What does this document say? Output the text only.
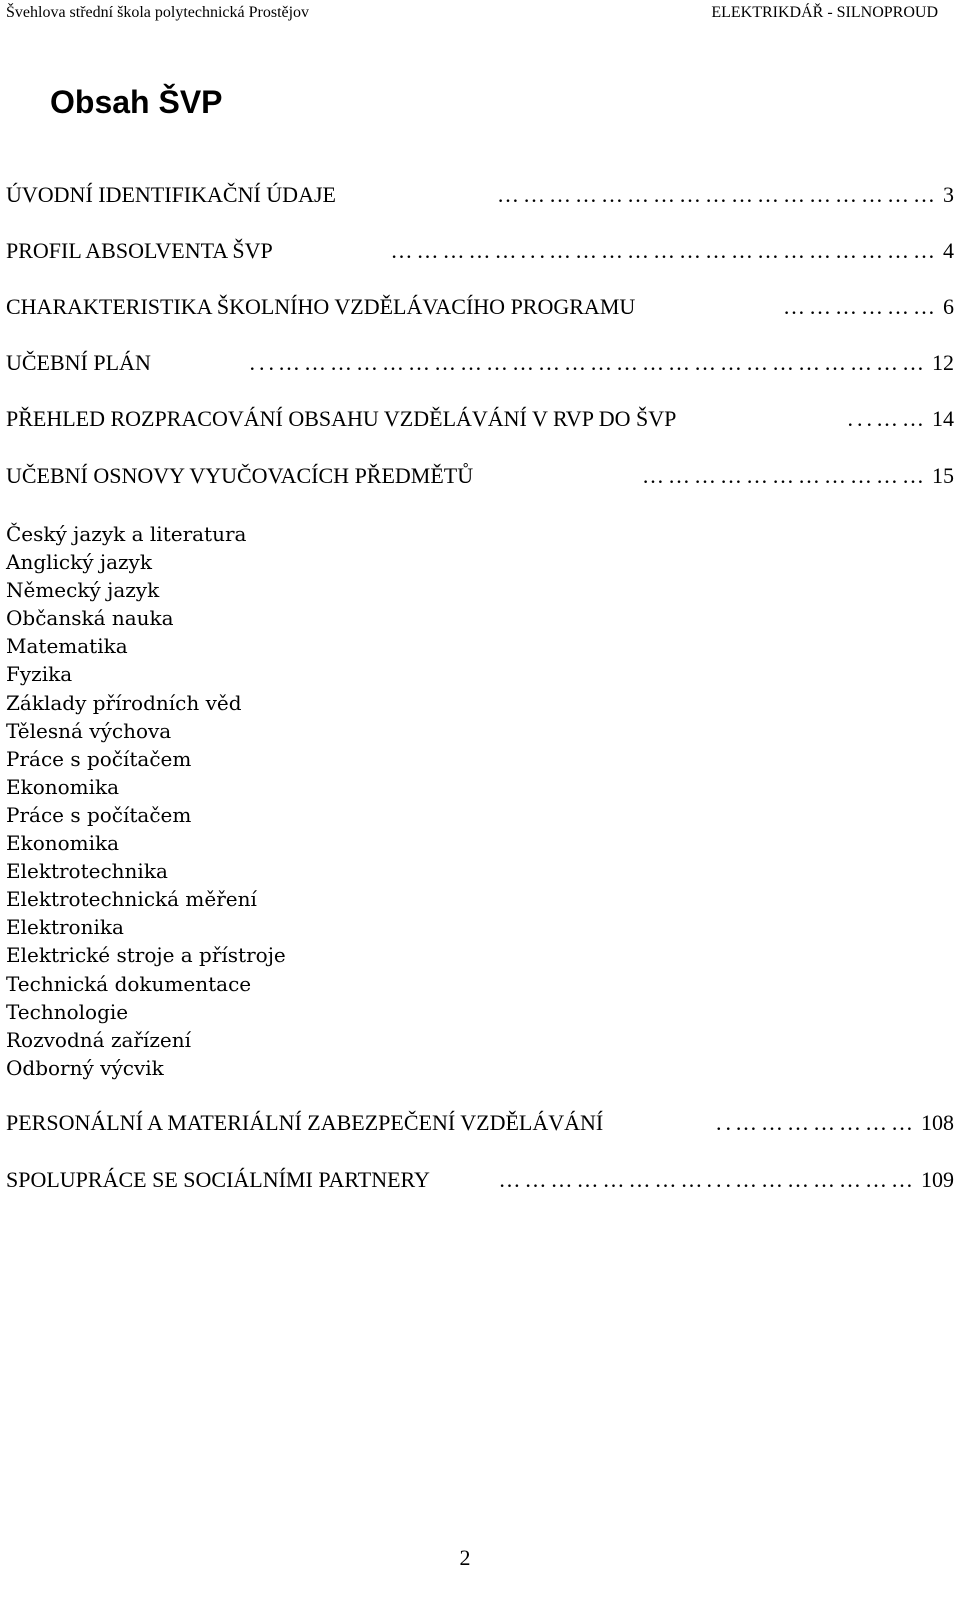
Švehlova střední škola polytechnická Prostějov	ELEKTRIKDÁŘ - SILNOPROUD
Obsah ŠVP
……………………………………………
ÚVODNÍ IDENTIFIKAČNÍ ÚDAJE	3
………………………………………...……………
PROFIL ABSOLVENTA ŠVP	4
………………
CHARAKTERISTIKA ŠKOLNÍHO VZDĚLÁVACÍHO PROGRAMU	6
…………………………………………………………………...
UČEBNÍ PLÁN	12
……...
PŘEHLED ROZPRACOVÁNÍ OBSAHU VZDĚLÁVÁNÍ V RVP DO ŠVP	14
……………………………
UČEBNÍ OSNOVY VYUČOVACÍCH PŘEDMĚTŮ	15
Český jazyk a literatura
Anglický jazyk
Německý jazyk
Občanská nauka
Matematika
Fyzika
Základy přírodních věd
Tělesná výchova
Práce s počítačem
Ekonomika
Práce s počítačem
Ekonomika
Elektrotechnika
Elektrotechnická měření
Elektronika
Elektrické stroje a přístroje
Technická dokumentace
Technologie
Rozvodná zařízení
Odborný výcvik
…………………..
PERSONÁLNÍ A MATERIÁLNÍ ZABEZPEČENÍ VZDĚLÁVÁNÍ	108
…………………...……………………
SPOLUPRÁCE SE SOCIÁLNÍMI PARTNERY	109
2
